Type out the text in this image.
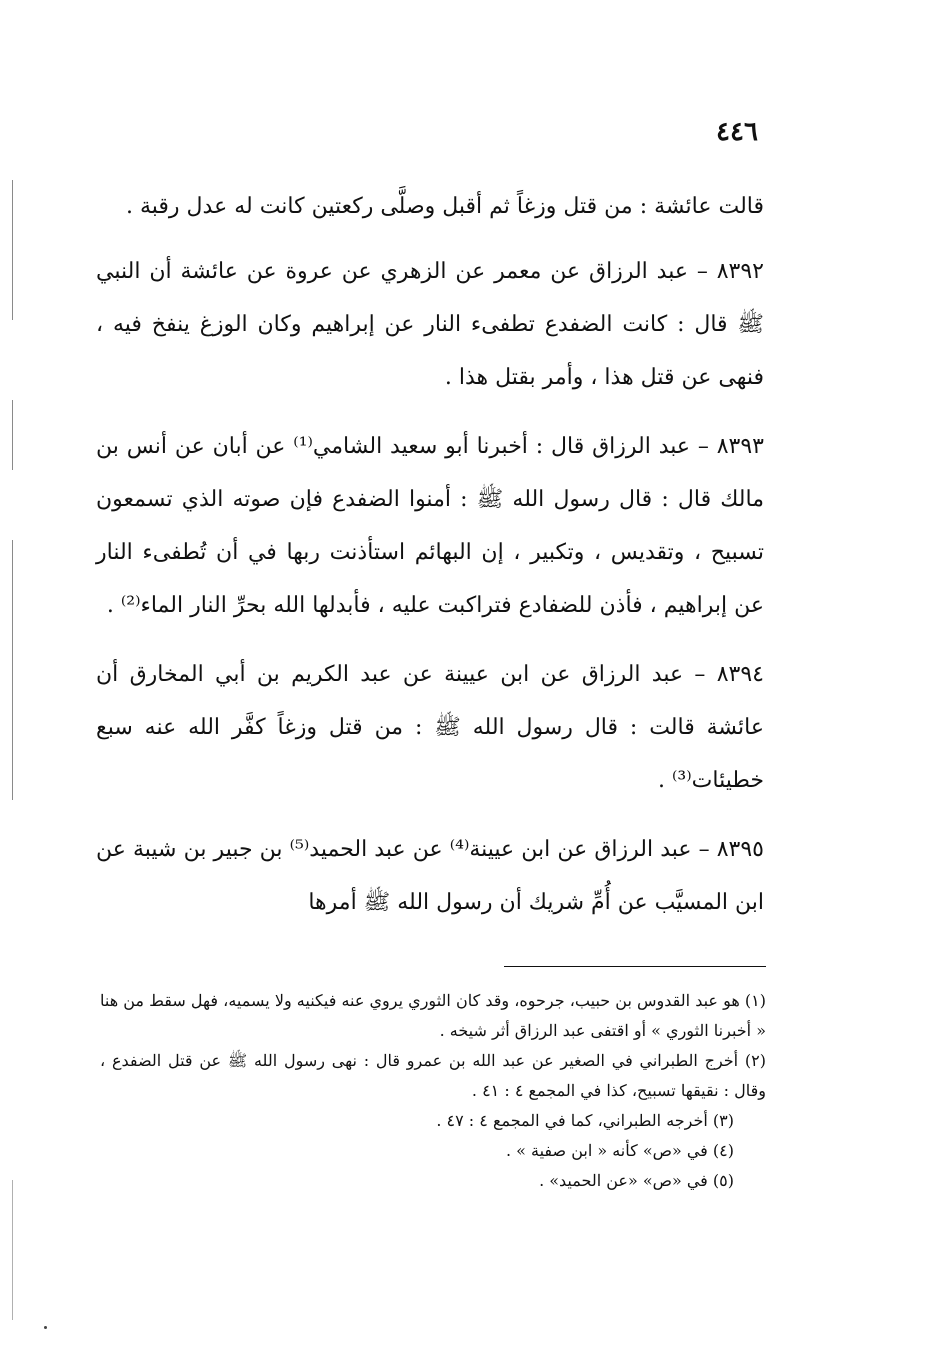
٤٤٦

قالت عائشة : من قتل وزغاً ثم أقبل وصلَّى ركعتين كانت له عدل رقبة .

٨٣٩٢ – عبد الرزاق عن معمر عن الزهري عن عروة عن عائشة أن النبي ﷺ قال : كانت الضفدع تطفىء النار عن إبراهيم وكان الوزغ ينفخ فيه ، فنهى عن قتل هذا ، وأمر بقتل هذا .

٨٣٩٣ – عبد الرزاق قال : أخبرنا أبو سعيد الشامي⁽¹⁾ عن أبان عن أنس بن مالك قال : قال رسول الله ﷺ : أمنوا الضفدع فإن صوته الذي تسمعون تسبيح ، وتقديس ، وتكبير ، إن البهائم استأذنت ربها في أن تُطفىء النار عن إبراهيم ، فأذن للضفادع فتراكبت عليه ، فأبدلها الله بحرِّ النار الماء⁽²⁾ .

٨٣٩٤ – عبد الرزاق عن ابن عيينة عن عبد الكريم بن أبي المخارق أن عائشة قالت : قال رسول الله ﷺ : من قتل وزغاً كفَّر الله عنه سبع خطيئات⁽³⁾ .

٨٣٩٥ – عبد الرزاق عن ابن عيينة⁽⁴⁾ عن عبد الحميد⁽⁵⁾ بن جبير بن شيبة عن ابن المسيَّب عن أُمِّ شريك أن رسول الله ﷺ أمرها

(١) هو عبد القدوس بن حبيب، جرحوه، وقد كان الثوري يروي عنه فيكنيه ولا يسميه، فهل سقط من هنا « أخبرنا الثوري » أو اقتفى عبد الرزاق أثر شيخه .

(٢) أخرج الطبراني في الصغير عن عبد الله بن عمرو قال : نهى رسول الله ﷺ عن قتل الضفدع ، وقال : نقيقها تسبيح، كذا في المجمع ٤ : ٤١ .

(٣) أخرجه الطبراني، كما في المجمع ٤ : ٤٧ .

(٤) في «ص» كأنه « ابن صفية » .

(٥) في «ص» «عن الحميد» .
